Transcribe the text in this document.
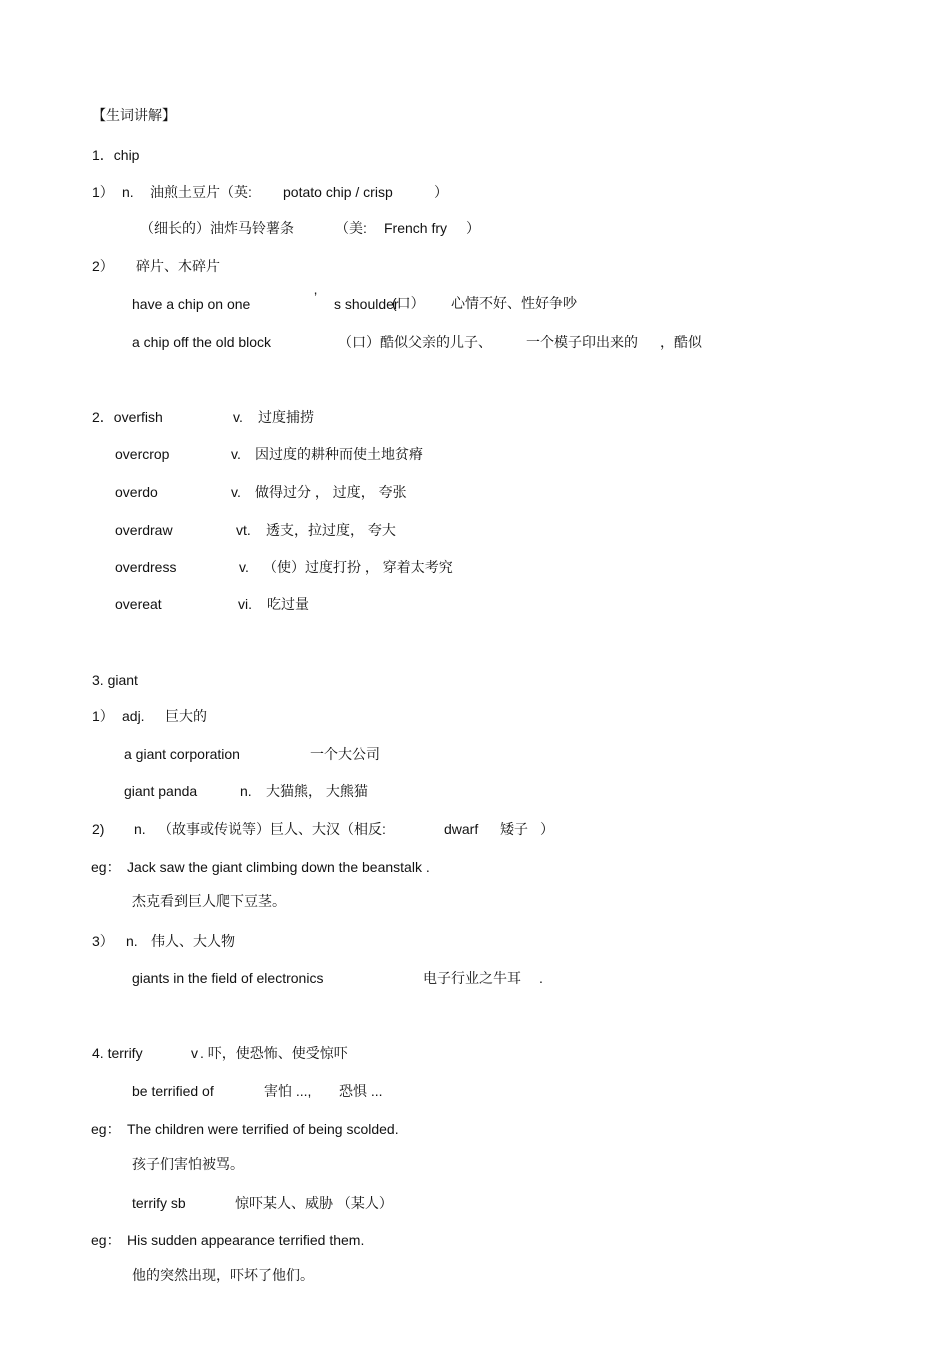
【生词讲解】
1．chip
1） n. 油煎土豆片（英: potato chip / crisp	）
（细长的）油炸马铃薯条	（美: French fry ）
2） 碎片、木碎片
have a chip on one	’ s shoulder
(口） 心情不好、性好争吵
a chip off the old block	（口）酷似父亲的儿子、 一个模子印出来的 ，酷似
2．overfish	v. 过度捕捞
overcrop	v. 因过度的耕种而使土地贫瘠
overdo	v. 做得过分 ， 过度， 夸张
overdraw	vt. 透支，拉过度， 夸大
overdress	v. （使）过度打扮 ， 穿着太考究
overeat	vi. 吃过量
3. giant
1） adj. 巨大的
a giant corporation	一个大公司
giant panda	n. 大猫熊， 大熊猫
2) n. （故事或传说等）巨人、大汉（相反:	dwarf 矮子 ）
eg： Jack saw the giant climbing down the beanstalk .
杰克看到巨人爬下豆茎。
3） n. 伟人、大人物
giants in the field of electronics	电子行业之牛耳 .
4. terrify	v . 吓，使恐怖、使受惊吓
be terrified of	害怕 ..., 恐惧 ...
eg： The children were terrified of being scolded.
孩子们害怕被骂。
terrify sb	惊吓某人、威胁 （某人）
eg： His sudden appearance terrified them.
他的突然出现，吓坏了他们。
